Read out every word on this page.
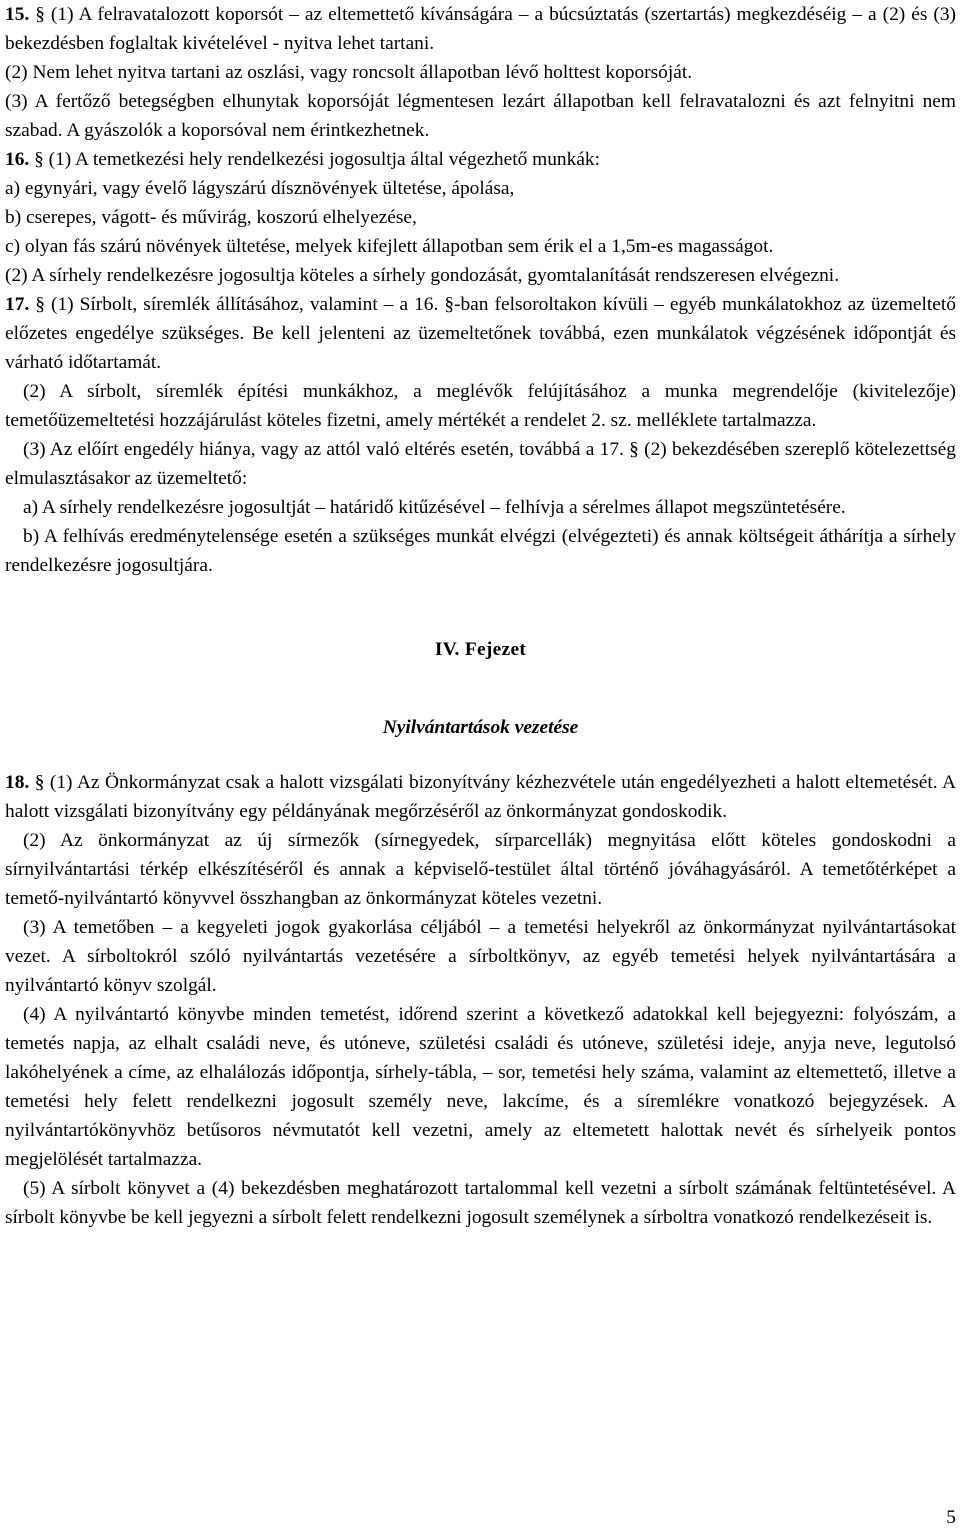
15. § (1) A felravatalozott koporsót – az eltemettető kívánságára – a búcsúztatás (szertartás) megkezdéséig – a (2) és (3) bekezdésben foglaltak kivételével - nyitva lehet tartani.

(2) Nem lehet nyitva tartani az oszlási, vagy roncsolt állapotban lévő holttest koporsóját.

(3) A fertőző betegségben elhunytak koporsóját légmentesen lezárt állapotban kell felravatalozni és azt felnyitni nem szabad. A gyászolók a koporsóval nem érintkezhetnek.

16. § (1) A temetkezési hely rendelkezési jogosultja által végezhető munkák:

a) egynyári, vagy évelő lágyszárú dísznövények ültetése, ápolása,

b) cserepes, vágott- és művirág, koszorú elhelyezése,

c) olyan fás szárú növények ültetése, melyek kifejlett állapotban sem érik el a 1,5m-es magasságot.

(2) A sírhely rendelkezésre jogosultja köteles a sírhely gondozását, gyomtalanítását rendszeresen elvégezni.

17. § (1) Sírbolt, síremlék állításához, valamint – a 16. §-ban felsoroltakon kívüli – egyéb munkálatokhoz az üzemeltető előzetes engedélye szükséges. Be kell jelenteni az üzemeltetőnek továbbá, ezen munkálatok végzésének időpontját és várható időtartamát.

(2) A sírbolt, síremlék építési munkákhoz, a meglévők felújításához a munka megrendelője (kivitelezője) temetőüzemeltetési hozzájárulást köteles fizetni, amely mértékét a rendelet 2. sz. melléklete tartalmazza.

(3) Az előírt engedély hiánya, vagy az attól való eltérés esetén, továbbá a 17. § (2) bekezdésében szereplő kötelezettség elmulasztásakor az üzemeltető:

a) A sírhely rendelkezésre jogosultját – határidő kitűzésével – felhívja a sérelmes állapot megszüntetésére.

b) A felhívás eredménytelensége esetén a szükséges munkát elvégzi (elvégezteti) és annak költségeit áthárítja a sírhely rendelkezésre jogosultjára.

IV. Fejezet

Nyilvántartások vezetése

18. § (1) Az Önkormányzat csak a halott vizsgálati bizonyítvány kézhezvétele után engedélyezheti a halott eltemetését. A halott vizsgálati bizonyítvány egy példányának megőrzéséről az önkormányzat gondoskodik.

(2) Az önkormányzat az új sírmezők (sírnegyedek, sírparcellák) megnyitása előtt köteles gondoskodni a sírnyilvántartási térkép elkészítéséről és annak a képviselő-testület által történő jóváhagyásáról. A temetőtérképet a temető-nyilvántartó könyvvel összhangban az önkormányzat köteles vezetni.

(3) A temetőben – a kegyeleti jogok gyakorlása céljából – a temetési helyekről az önkormányzat nyilvántartásokat vezet. A sírboltokról szóló nyilvántartás vezetésére a sírboltkönyv, az egyéb temetési helyek nyilvántartására a nyilvántartó könyv szolgál.

(4) A nyilvántartó könyvbe minden temetést, időrend szerint a következő adatokkal kell bejegyezni: folyószám, a temetés napja, az elhalt családi neve, és utóneve, születési családi és utóneve, születési ideje, anyja neve, legutolsó lakóhelyének a címe, az elhalálozás időpontja, sírhely-tábla, – sor, temetési hely száma, valamint az eltemettető, illetve a temetési hely felett rendelkezni jogosult személy neve, lakcíme, és a síremlékre vonatkozó bejegyzések. A nyilvántartókönyvhöz betűsoros névmutatót kell vezetni, amely az eltemetett halottak nevét és sírhelyeik pontos megjelölését tartalmazza.

(5) A sírbolt könyvet a (4) bekezdésben meghatározott tartalommal kell vezetni a sírbolt számának feltüntetésével. A sírbolt könyvbe be kell jegyezni a sírbolt felett rendelkezni jogosult személynek a sírboltra vonatkozó rendelkezéseit is.

5
